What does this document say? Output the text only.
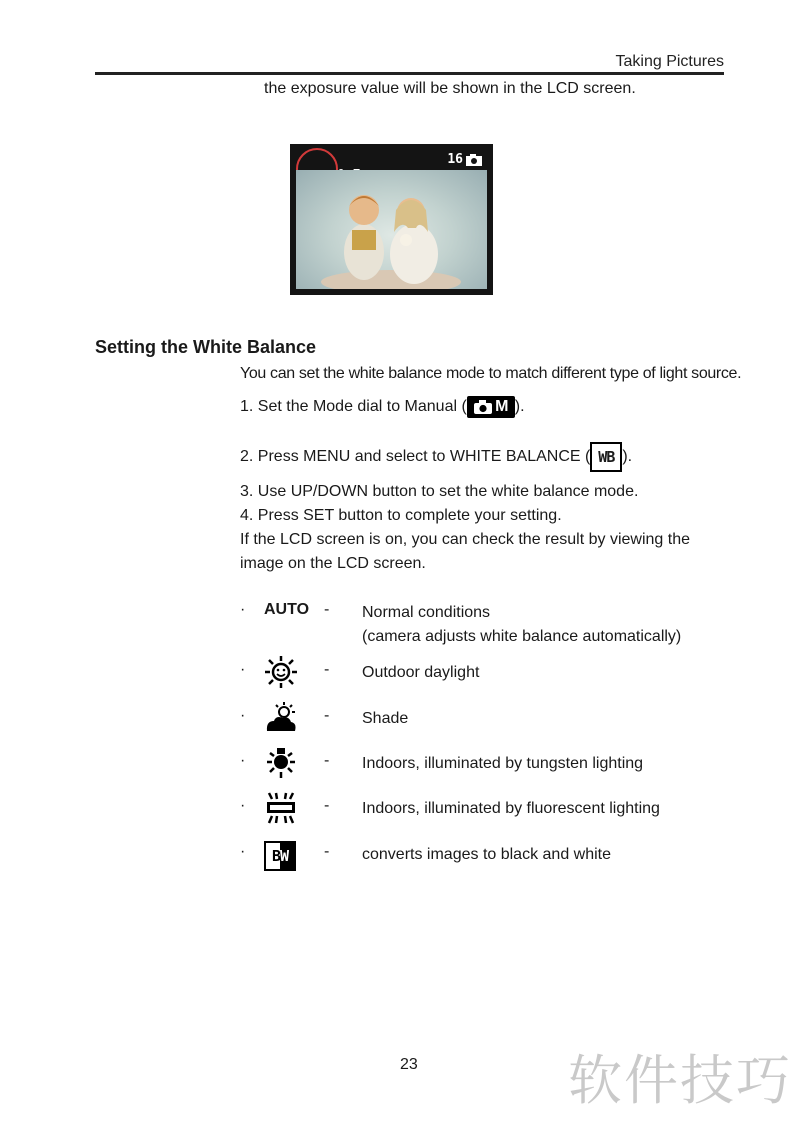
Taking Pictures
the exposure value will be shown in the LCD screen.

16

Setting the White Balance
You can set the white balance mode to match different type of light source.
1. Set the Mode dial to Manual ( M ).
2. Press MENU and select to WHITE BALANCE ( WB ).
3. Use UP/DOWN button to set the white balance mode.
4. Press SET button to complete your setting.
If the LCD screen is on, you can check the result by viewing the image on the LCD screen.
· AUTO - Normal conditions
(camera adjusts white balance automatically)
·	- Outdoor daylight
·	- Shade
·	- Indoors, illuminated by tungsten lighting
·	- Indoors, illuminated by fluorescent lighting
· B W - converts images to black and white
23	软件技巧
